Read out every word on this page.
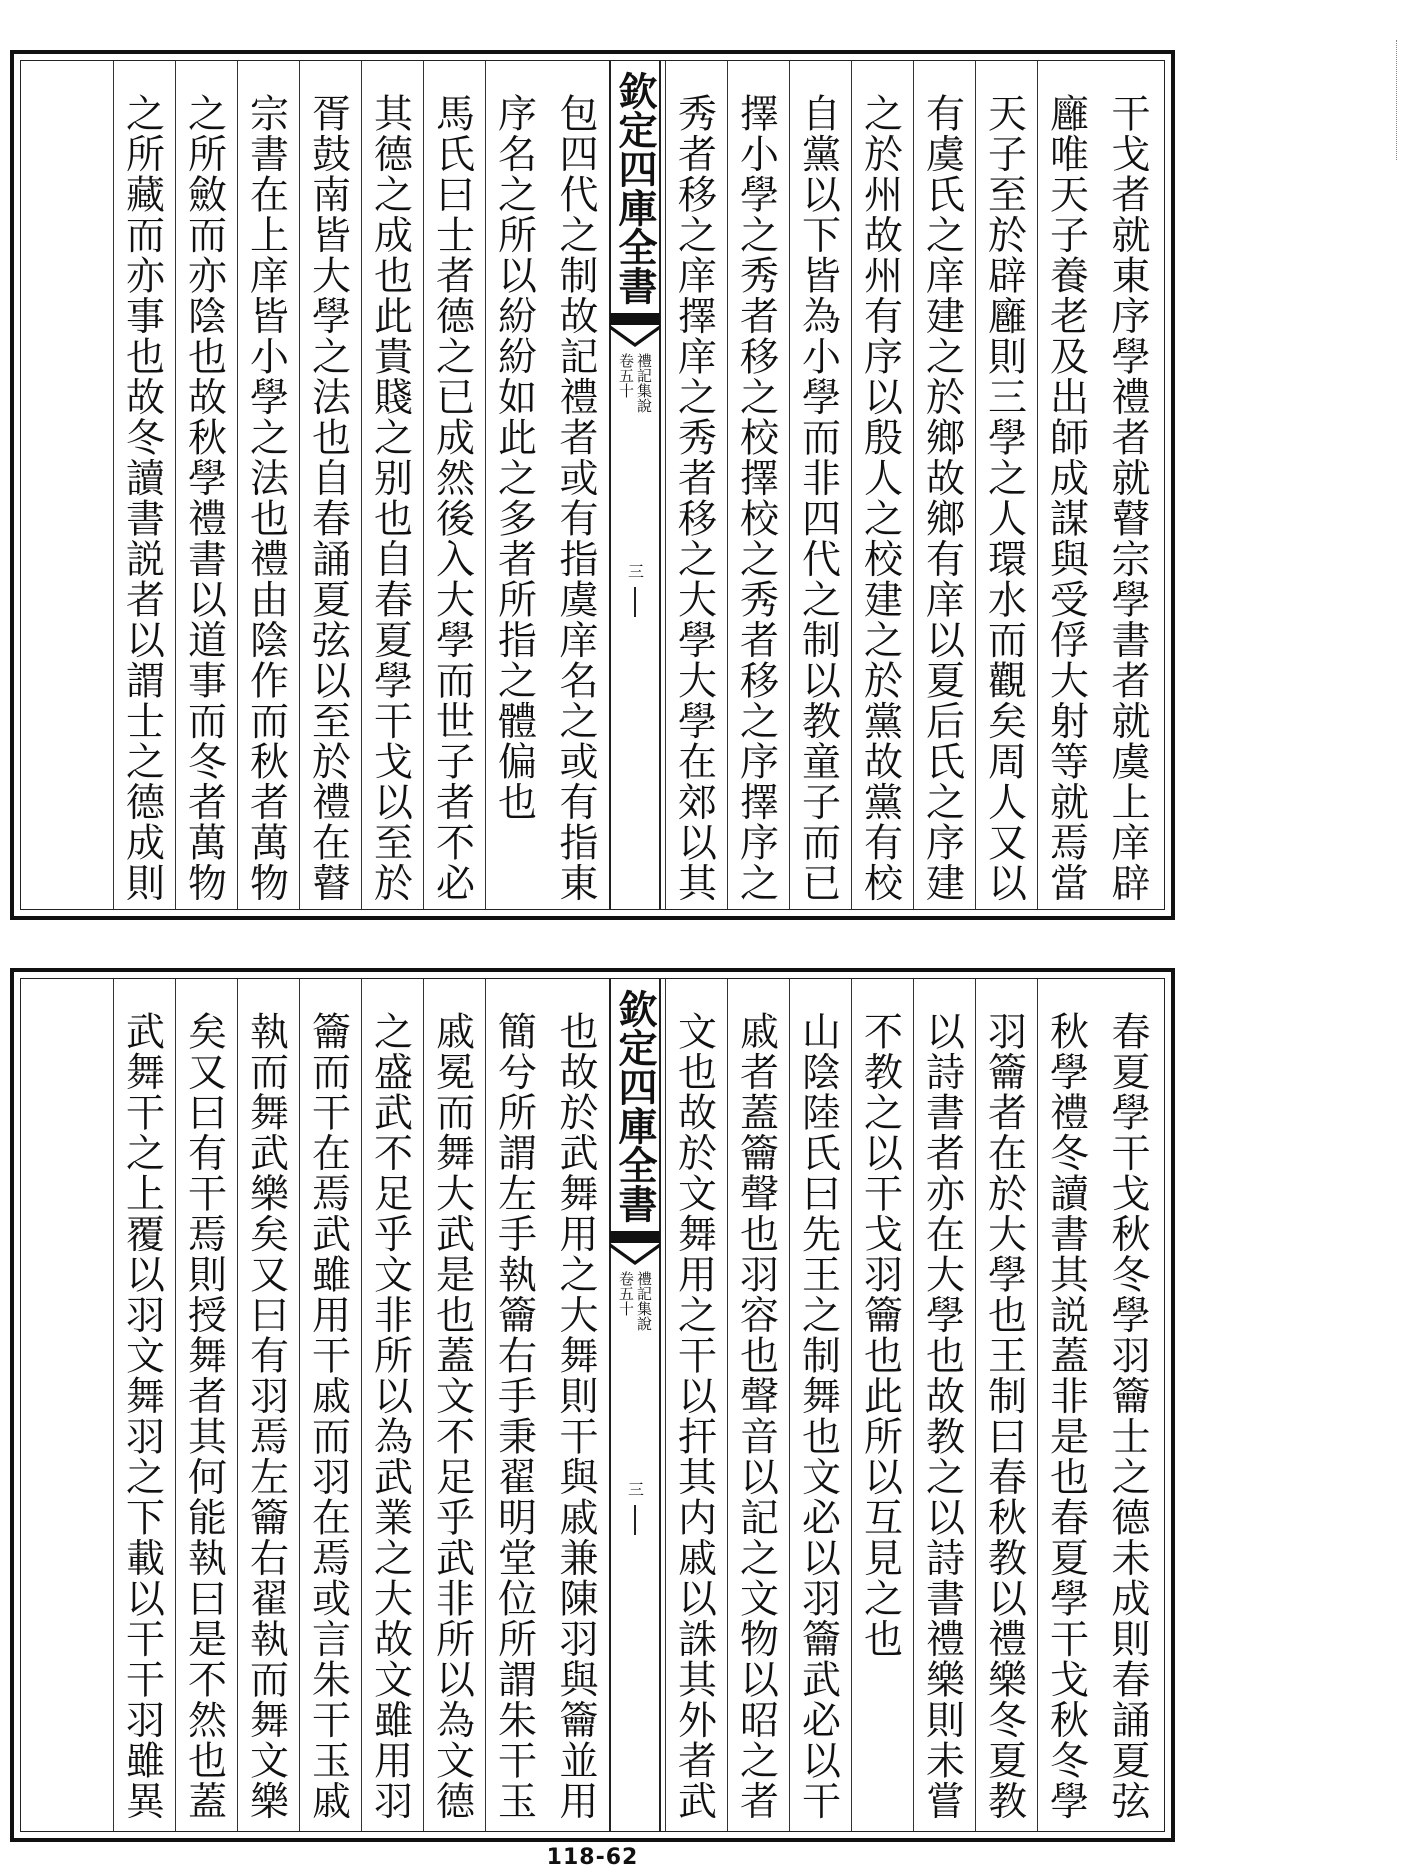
干戈者就東序學禮者就瞽宗學書者就虞上庠辟
廱唯天子養老及出師成謀與受俘大射等就焉當
天子至於辟廱則三學之人環水而觀矣周人又以
有虞氏之庠建之於鄉故鄉有庠以夏后氏之序建
之於州故州有序以殷人之校建之於黨故黨有校
自黨以下皆為小學而非四代之制以教童子而已
擇小學之秀者移之校擇校之秀者移之序擇序之
秀者移之庠擇庠之秀者移之大學大學在郊以其
欽定四庫全書
禮記集說
卷五十
三
包四代之制故記禮者或有指虞庠名之或有指東
序名之所以紛紛如此之多者所指之體偏也
馬氏曰士者德之已成然後入大學而世子者不必
其德之成也此貴賤之别也自春夏學干戈以至於
胥鼓南皆大學之法也自春誦夏弦以至於禮在瞽
宗書在上庠皆小學之法也禮由陰作而秋者萬物
之所斂而亦陰也故秋學禮書以道事而冬者萬物
之所藏而亦事也故冬讀書説者以謂士之德成則
春夏學干戈秋冬學羽籥士之德未成則春誦夏弦
秋學禮冬讀書其説蓋非是也春夏學干戈秋冬學
羽籥者在於大學也王制曰春秋教以禮樂冬夏教
以詩書者亦在大學也故教之以詩書禮樂則未嘗
不教之以干戈羽籥也此所以互見之也
山陰陸氏曰先王之制舞也文必以羽籥武必以干
戚者蓋籥聲也羽容也聲音以記之文物以昭之者
文也故於文舞用之干以扞其内戚以誅其外者武
欽定四庫全書
禮記集說
卷五十
三
也故於武舞用之大舞則干與戚兼陳羽與籥並用
簡兮所謂左手執籥右手秉翟明堂位所謂朱干玉
戚冕而舞大武是也蓋文不足乎武非所以為文德
之盛武不足乎文非所以為武業之大故文雖用羽
籥而干在焉武雖用干戚而羽在焉或言朱干玉戚
執而舞武樂矣又曰有羽焉左籥右翟執而舞文樂
矣又曰有干焉則授舞者其何能執曰是不然也蓋
武舞干之上覆以羽文舞羽之下載以干干羽雖異
118-62
